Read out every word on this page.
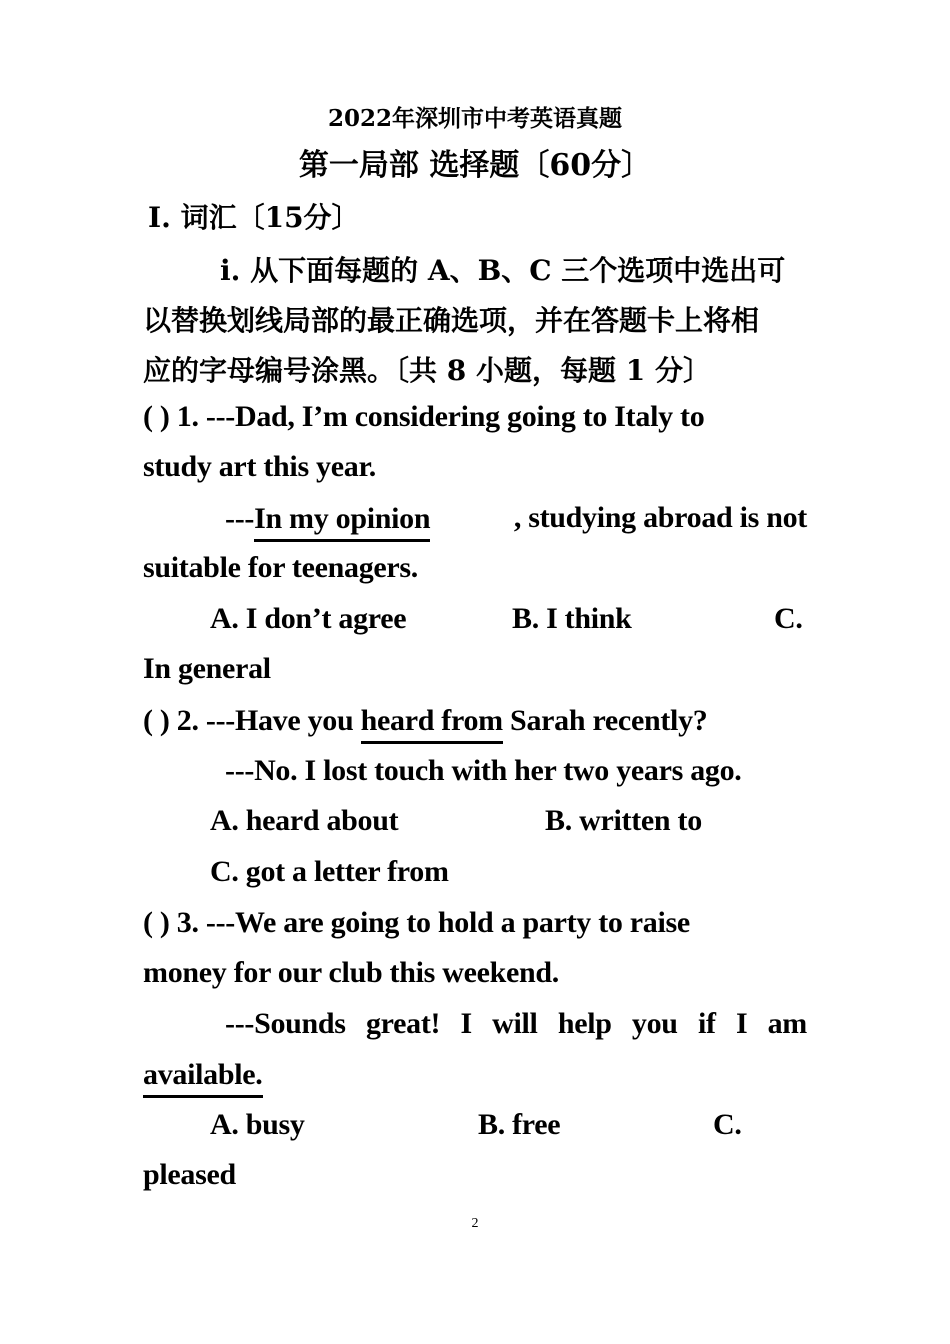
2022年深圳市中考英语真题
第一局部 选择题〔60分〕
Ⅰ. 词汇〔15分〕
ⅰ. 从下面每题的 A、B、C 三个选项中选出可
以替换划线局部的最正确选项，并在答题卡上将相
应的字母编号涂黑。〔共 8 小题，每题 1 分〕
( ) 1. ---Dad, I’m considering going to Italy to
study art this year.
---In my opinion	, studying abroad is not
suitable for teenagers.
A. I don’t agree	B. I think	C.
In general
( ) 2. ---Have you heard from Sarah recently?
---No. I lost touch with her two years ago.
A. heard about	B. written to
C. got a letter from
( ) 3. ---We are going to hold a party to raise
money for our club this weekend.
---Sounds great! I will help you if I am
available.
A. busy	B. free	C.
pleased
2
